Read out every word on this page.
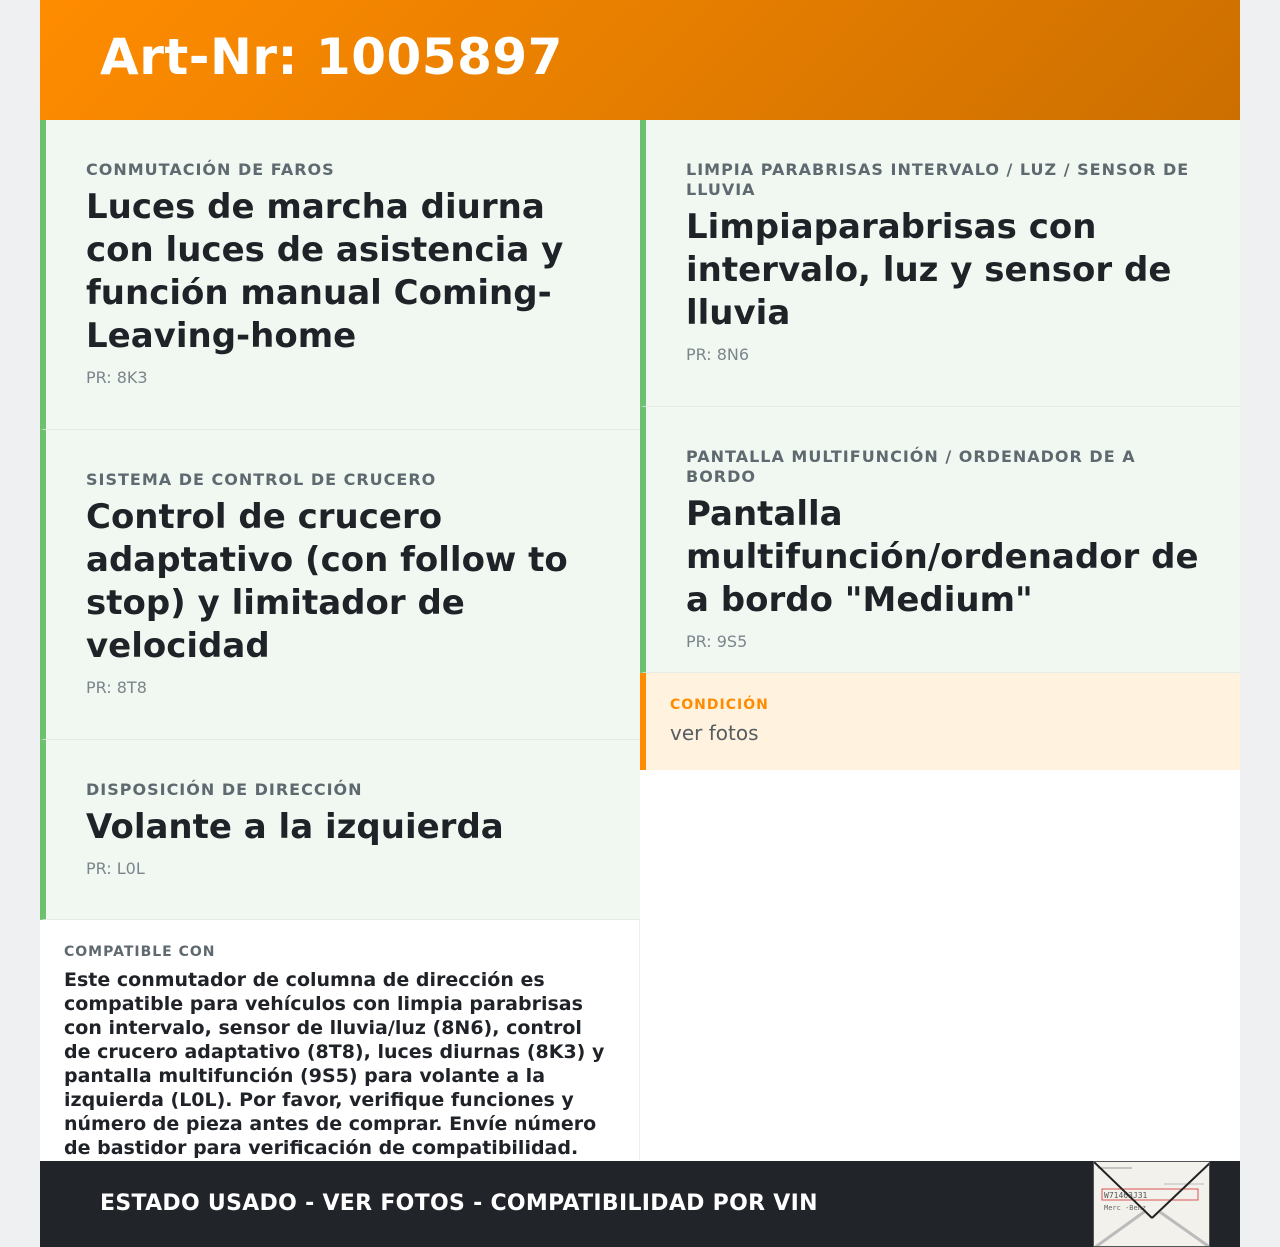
Art-Nr: 1005897
CONMUTACIÓN DE FAROS
Luces de marcha diurna con luces de asistencia y función manual Coming-Leaving-home
PR: 8K3
SISTEMA DE CONTROL DE CRUCERO
Control de crucero adaptativo (con follow to stop) y limitador de velocidad
PR: 8T8
DISPOSICIÓN DE DIRECCIÓN
Volante a la izquierda
PR: L0L
LIMPIA PARABRISAS INTERVALO / LUZ / SENSOR DE LLUVIA
Limpiaparabrisas con intervalo, luz y sensor de lluvia
PR: 8N6
PANTALLA MULTIFUNCIÓN / ORDENADOR DE A BORDO
Pantalla multifunción/ordenador de a bordo "Medium"
PR: 9S5
CONDICIÓN
ver fotos
COMPATIBLE CON
Este conmutador de columna de dirección es compatible para vehículos con limpia parabrisas con intervalo, sensor de lluvia/luz (8N6), control de crucero adaptativo (8T8), luces diurnas (8K3) y pantalla multifunción (9S5) para volante a la izquierda (L0L). Por favor, verifique funciones y número de pieza antes de comprar. Envíe número de bastidor para verificación de compatibilidad.
ESTADO USADO - VER FOTOS - COMPATIBILIDAD POR VIN	W71463J31
Merc -Benz
